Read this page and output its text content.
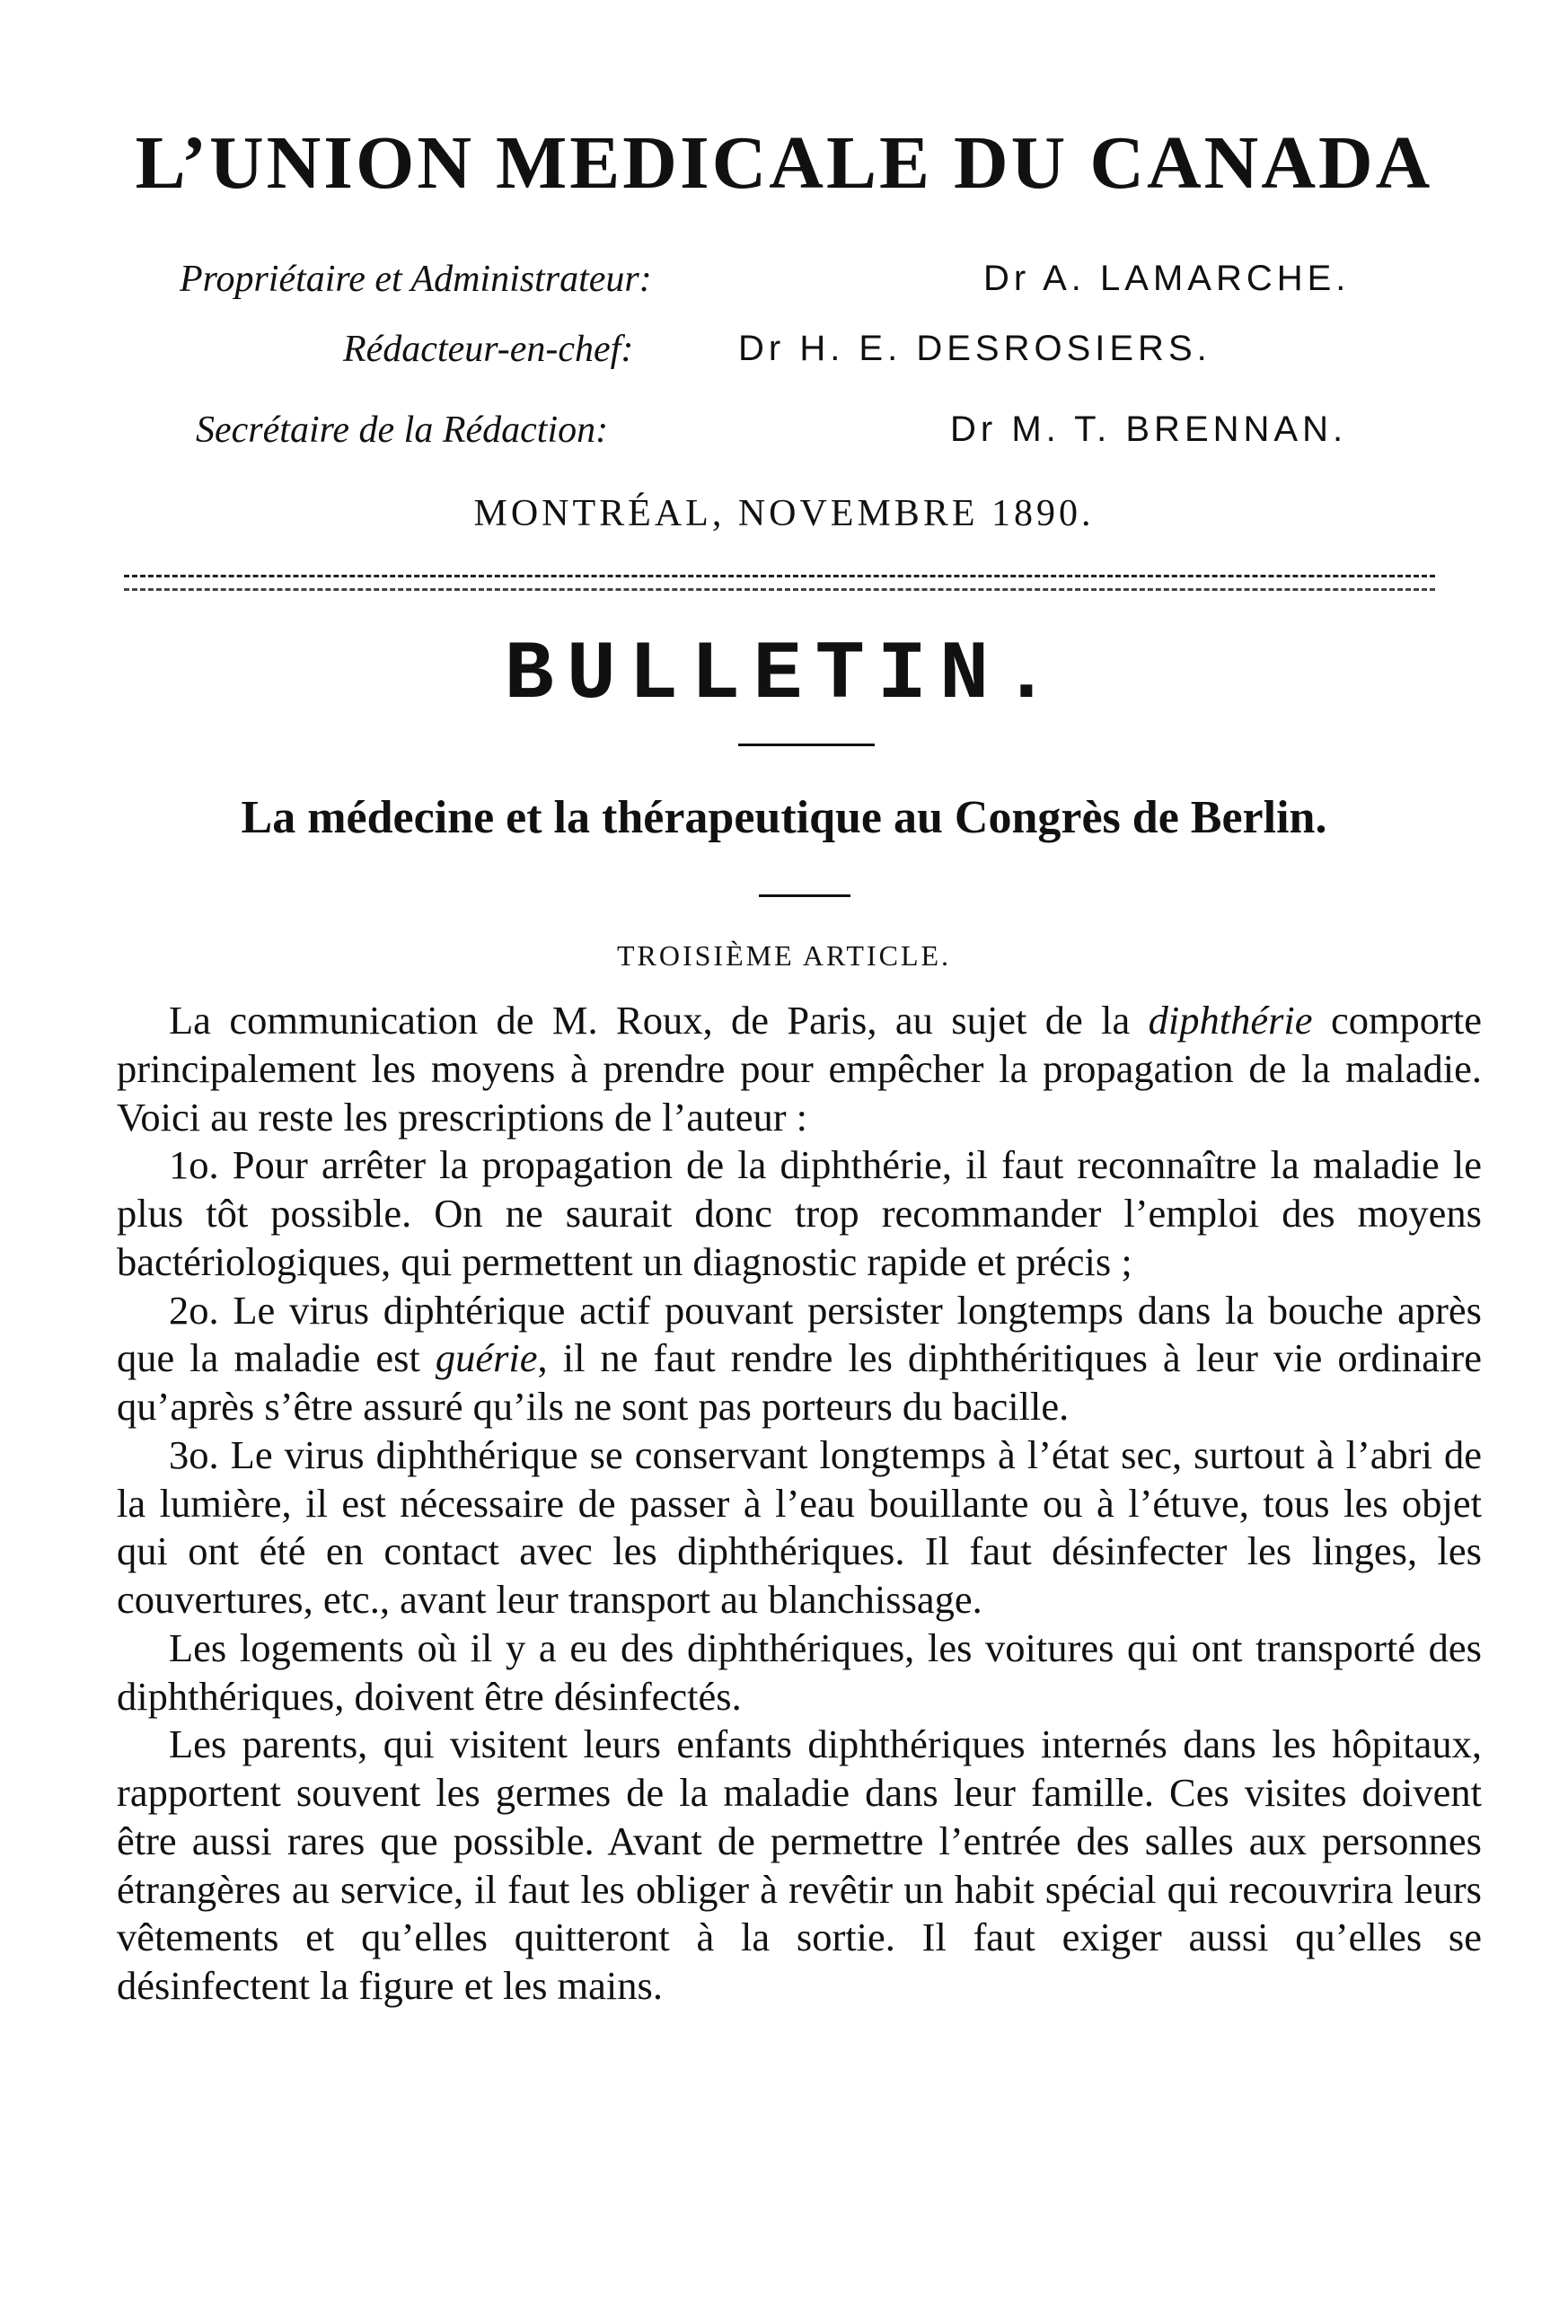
L’UNION MEDICALE DU CANADA
Propriétaire et Administrateur:	Dr A. LAMARCHE.
Rédacteur-en-chef:	Dr H. E. DESROSIERS.
Secrétaire de la Rédaction:	Dr M. T. BRENNAN.
MONTRÉAL, NOVEMBRE 1890.
BULLETIN.
La médecine et la thérapeutique au Congrès de Berlin.
TROISIÈME ARTICLE.

La communication de M. Roux, de Paris, au sujet de la diphthérie comporte principalement les moyens à prendre pour empêcher la propagation de la maladie. Voici au reste les prescriptions de l’auteur :

1o. Pour arrêter la propagation de la diphthérie, il faut reconnaître la maladie le plus tôt possible. On ne saurait donc trop recommander l’emploi des moyens bactériologiques, qui permettent un diagnostic rapide et précis ;

2o. Le virus diphtérique actif pouvant persister longtemps dans la bouche après que la maladie est guérie, il ne faut rendre les diphthéritiques à leur vie ordinaire qu’après s’être assuré qu’ils ne sont pas porteurs du bacille.

3o. Le virus diphthérique se conservant longtemps à l’état sec, surtout à l’abri de la lumière, il est nécessaire de passer à l’eau bouillante ou à l’étuve, tous les objet qui ont été en contact avec les diphthériques. Il faut désinfecter les linges, les couvertures, etc., avant leur transport au blanchissage.

Les logements où il y a eu des diphthériques, les voitures qui ont transporté des diphthériques, doivent être désinfectés.

Les parents, qui visitent leurs enfants diphthériques internés dans les hôpitaux, rapportent souvent les germes de la maladie dans leur famille. Ces visites doivent être aussi rares que possible. Avant de permettre l’entrée des salles aux personnes étrangères au service, il faut les obliger à revêtir un habit spécial qui recouvrira leurs vêtements et qu’elles quitteront à la sortie. Il faut exiger aussi qu’elles se désinfectent la figure et les mains.
